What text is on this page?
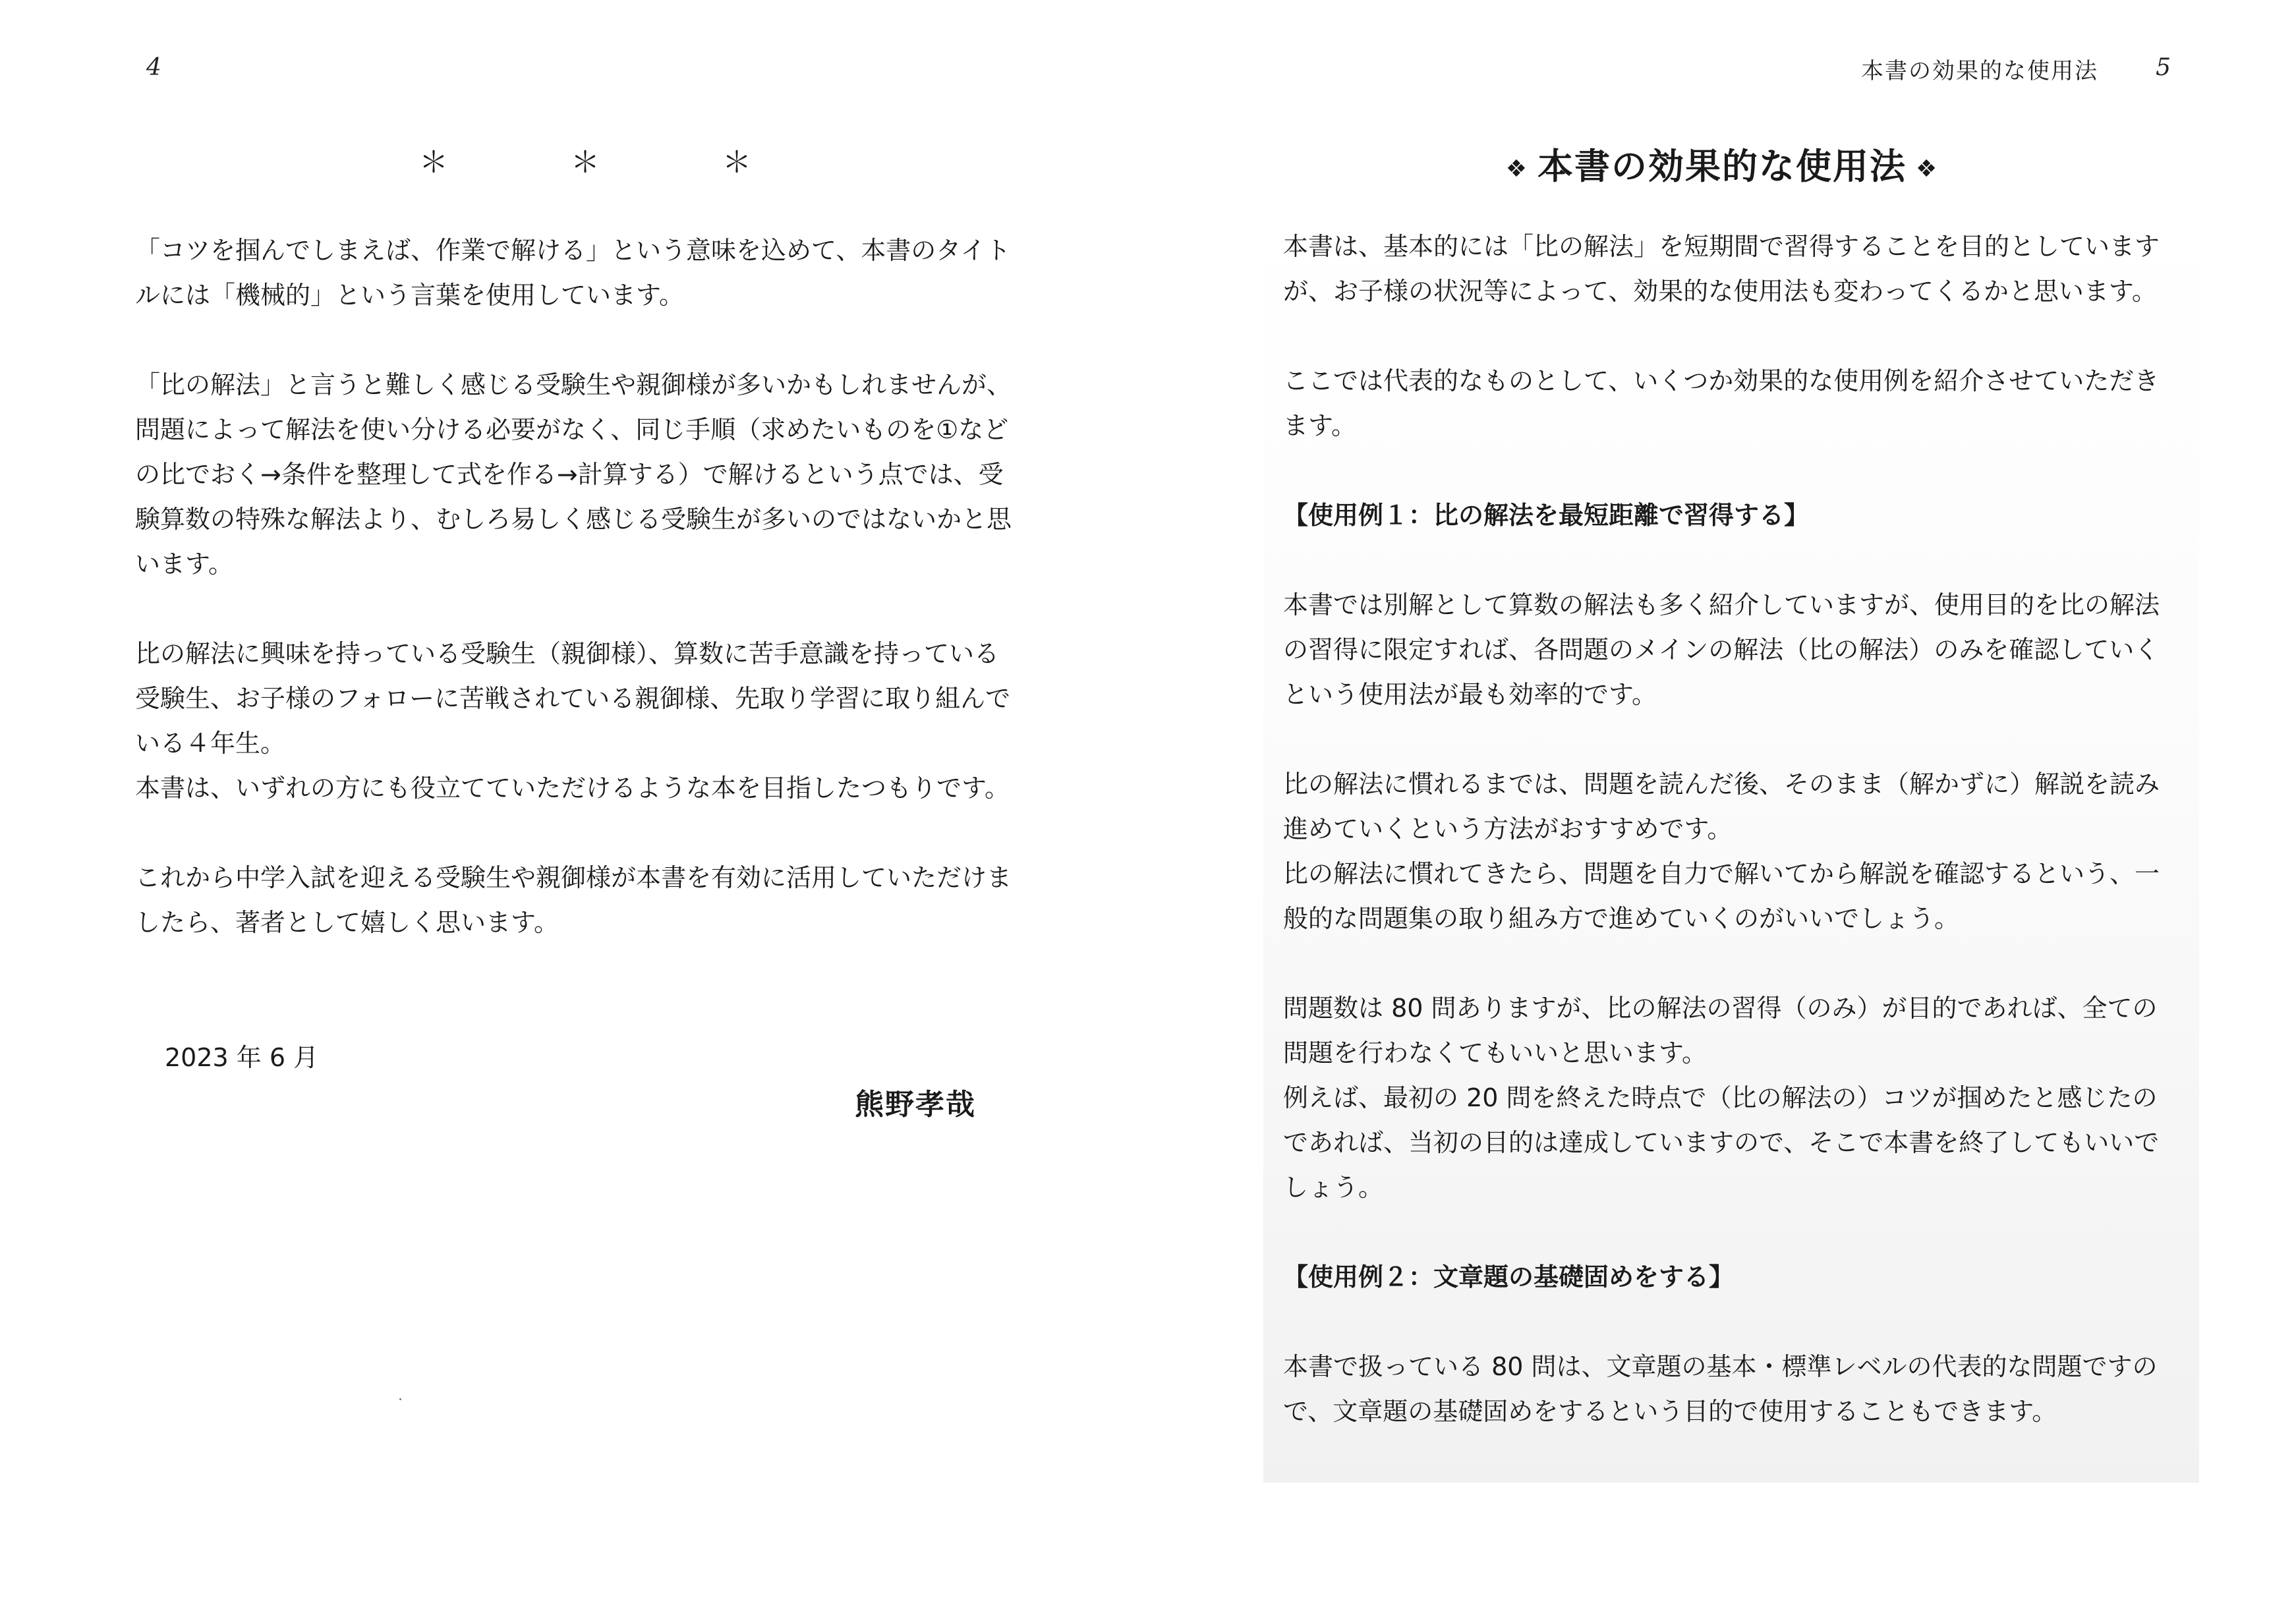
4
＊	＊	＊

「コツを掴んでしまえば、作業で解ける」という意味を込めて、本書のタイト

ルには「機械的」という言葉を使用しています。

「比の解法」と言うと難しく感じる受験生や親御様が多いかもしれませんが、

問題によって解法を使い分ける必要がなく、同じ手順（求めたいものを①など

の比でおく→条件を整理して式を作る→計算する）で解けるという点では、受

験算数の特殊な解法より、むしろ易しく感じる受験生が多いのではないかと思

います。

比の解法に興味を持っている受験生（親御様）、算数に苦手意識を持っている

受験生、お子様のフォローに苦戦されている親御様、先取り学習に取り組んで

いる４年生。

本書は、いずれの方にも役立てていただけるような本を目指したつもりです。

これから中学入試を迎える受験生や親御様が本書を有効に活用していただけま

したら、著者として嬉しく思います。

2023 年 6 月
熊野孝哉
本書の効果的な使用法 5
❖ 本書の効果的な使用法 ❖

本書は、基本的には「比の解法」を短期間で習得することを目的としています

が、お子様の状況等によって、効果的な使用法も変わってくるかと思います。

ここでは代表的なものとして、いくつか効果的な使用例を紹介させていただき

ます。

【使用例１：比の解法を最短距離で習得する】

本書では別解として算数の解法も多く紹介していますが、使用目的を比の解法

の習得に限定すれば、各問題のメインの解法（比の解法）のみを確認していく

という使用法が最も効率的です。

比の解法に慣れるまでは、問題を読んだ後、そのまま（解かずに）解説を読み

進めていくという方法がおすすめです。

比の解法に慣れてきたら、問題を自力で解いてから解説を確認するという、一

般的な問題集の取り組み方で進めていくのがいいでしょう。

問題数は 80 問ありますが、比の解法の習得（のみ）が目的であれば、全ての

問題を行わなくてもいいと思います。

例えば、最初の 20 問を終えた時点で（比の解法の）コツが掴めたと感じたの

であれば、当初の目的は達成していますので、そこで本書を終了してもいいで

しょう。

【使用例２：文章題の基礎固めをする】

本書で扱っている 80 問は、文章題の基本・標準レベルの代表的な問題ですの

で、文章題の基礎固めをするという目的で使用することもできます。
